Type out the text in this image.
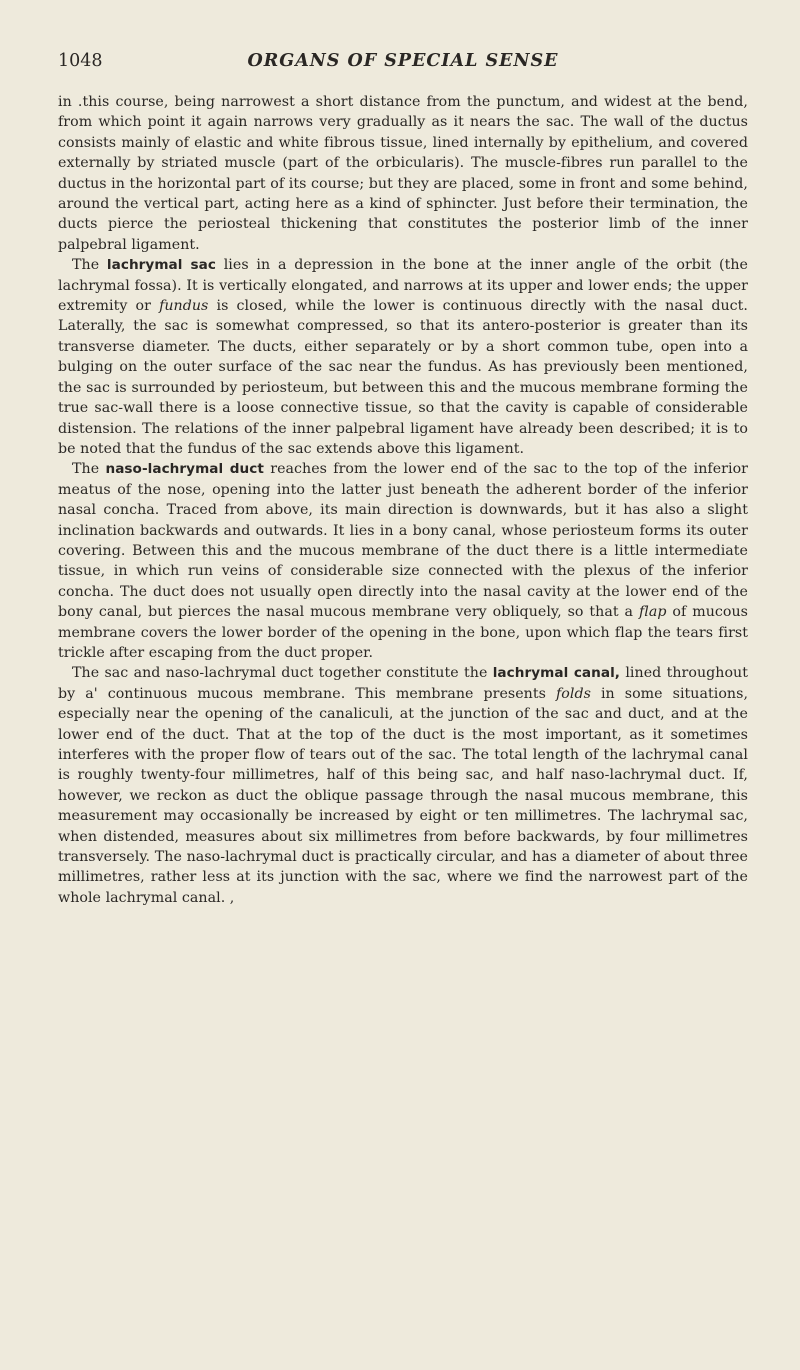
1048	ORGANS OF SPECIAL SENSE

in .this course, being narrowest a short distance from the punctum, and widest at the bend, from which point it again narrows very gradually as it nears the sac. The wall of the ductus consists mainly of elastic and white fibrous tissue, lined internally by epithelium, and covered externally by striated muscle (part of the orbicularis). The muscle-fibres run parallel to the ductus in the horizontal part of its course; but they are placed, some in front and some behind, around the vertical part, acting here as a kind of sphincter. Just before their termination, the ducts pierce the periosteal thickening that constitutes the posterior limb of the inner palpebral ligament.

The lachrymal sac lies in a depression in the bone at the inner angle of the orbit (the lachrymal fossa). It is vertically elongated, and narrows at its upper and lower ends; the upper extremity or fundus is closed, while the lower is continuous directly with the nasal duct. Laterally, the sac is somewhat compressed, so that its antero-posterior is greater than its transverse diameter. The ducts, either separately or by a short common tube, open into a bulging on the outer surface of the sac near the fundus. As has previously been mentioned, the sac is surrounded by periosteum, but between this and the mucous membrane forming the true sac-wall there is a loose connective tissue, so that the cavity is capable of considerable distension. The relations of the inner palpebral ligament have already been described; it is to be noted that the fundus of the sac extends above this ligament.

The naso-lachrymal duct reaches from the lower end of the sac to the top of the inferior meatus of the nose, opening into the latter just beneath the adherent border of the inferior nasal concha. Traced from above, its main direction is downwards, but it has also a slight inclination backwards and outwards. It lies in a bony canal, whose periosteum forms its outer covering. Between this and the mucous membrane of the duct there is a little intermediate tissue, in which run veins of considerable size connected with the plexus of the inferior concha. The duct does not usually open directly into the nasal cavity at the lower end of the bony canal, but pierces the nasal mucous membrane very obliquely, so that a flap of mucous membrane covers the lower border of the opening in the bone, upon which flap the tears first trickle after escaping from the duct proper.

The sac and naso-lachrymal duct together constitute the lachrymal canal, lined throughout by a' continuous mucous membrane. This membrane presents folds in some situations, especially near the opening of the canaliculi, at the junction of the sac and duct, and at the lower end of the duct. That at the top of the duct is the most important, as it sometimes interferes with the proper flow of tears out of the sac. The total length of the lachrymal canal is roughly twenty-four millimetres, half of this being sac, and half naso-lachrymal duct. If, however, we reckon as duct the oblique passage through the nasal mucous membrane, this measurement may occasionally be increased by eight or ten millimetres. The lachrymal sac, when distended, measures about six millimetres from before backwards, by four millimetres transversely. The naso-lachrymal duct is practically circular, and has a diameter of about three millimetres, rather less at its junction with the sac, where we find the narrowest part of the whole lachrymal canal. ,
